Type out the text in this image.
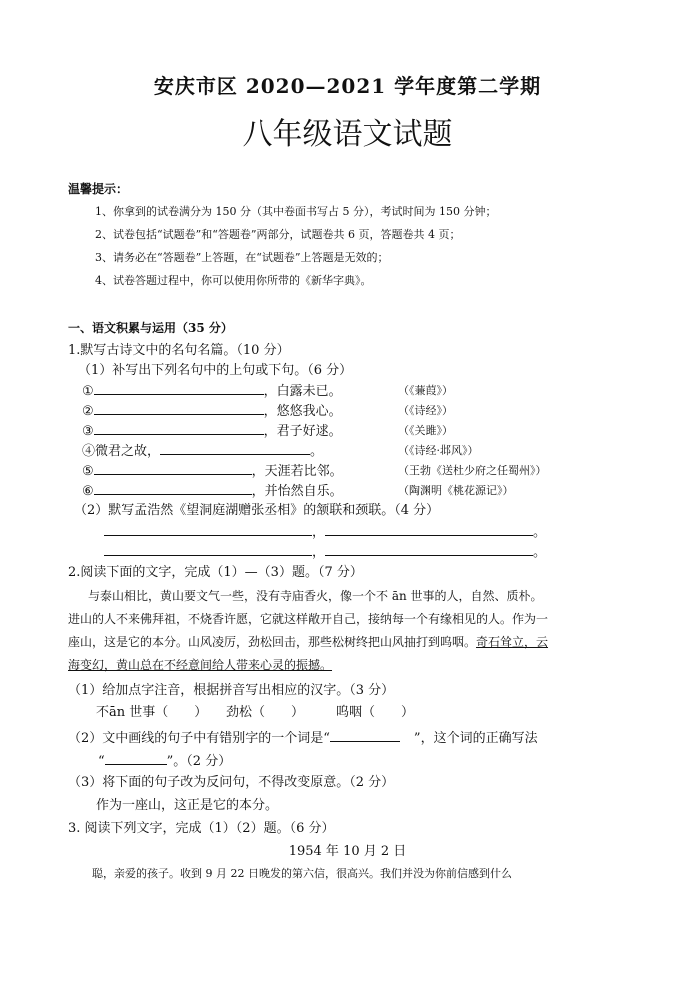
安庆市区 2020—2021 学年度第二学期
八年级语文试题
温馨提示：
1、你拿到的试卷满分为 150 分（其中卷面书写占 5 分），考试时间为 150 分钟；
2、试卷包括“试题卷”和“答题卷”两部分，试题卷共 6 页，答题卷共 4 页；
3、请务必在“答题卷”上答题，在“试题卷”上答题是无效的；
4、试卷答题过程中，你可以使用你所带的《新华字典》。
一、语文积累与运用（35 分）
1.默写古诗文中的名句名篇。（10 分）
（1）补写出下列名句中的上句或下句。（6 分）
①	，白露未已。	（《蒹葭》）
②	，悠悠我心。	（《诗经》）
③	，君子好逑。	（《关雎》）
④微君之故，	。	（《诗经·邶风》）
⑤	，天涯若比邻。	（王勃《送杜少府之任蜀州》）
⑥	，并怡然自乐。	（陶渊明《桃花源记》）
（2）默写孟浩然《望洞庭湖赠张丞相》的颔联和颈联。（4 分）
，	。
，	。
2.阅读下面的文字，完成（1）—（3）题。（7 分）
与泰山相比，黄山要文气一些，没有寺庙香火，像一个不 ān 世事的人，自然、质朴。
进山的人不来佛拜祖，不烧香许愿，它就这样敞开自己，接纳每一个有缘相见的人。作为一
座山，这是它的本分。山风凌厉，劲松回击，那些松树终把山风抽打到呜咽。奇石耸立，云
海变幻，黄山总在不经意间给人带来心灵的振撼。
（1）给加点字注音，根据拼音写出相应的汉字。（3 分）
不ān 世事（　　） 劲松（　　） 呜咽（　　）
（2）文中画线的句子中有错别字的一个词是“	”，这个词的正确写法
“	”。（2 分）
（3）将下面的句子改为反问句，不得改变原意。（2 分）
作为一座山，这正是它的本分。
3. 阅读下列文字，完成（1）（2）题。（6 分）
1954 年 10 月 2 日
聪，亲爱的孩子。收到 9 月 22 日晚发的第六信，很高兴。我们并没为你前信感到什么
